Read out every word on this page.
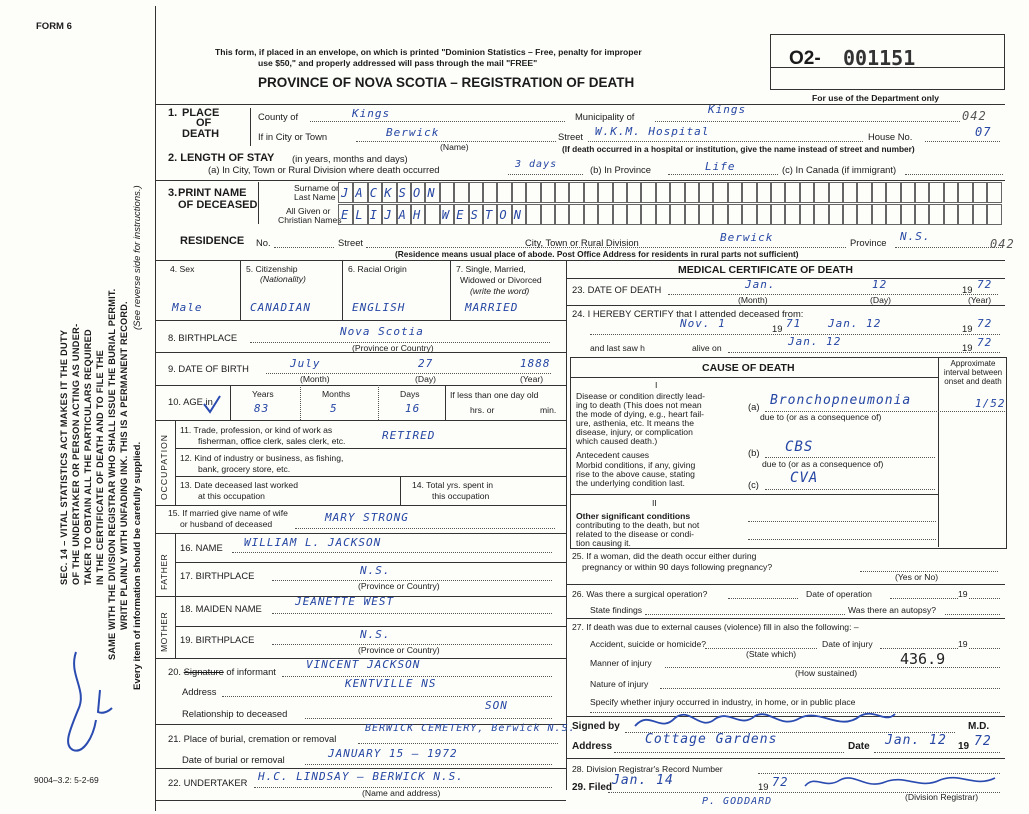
FORM 6
SEC. 14 – VITAL STATISTICS ACT MAKES IT THE DUTY OF THE UNDERTAKER OR PERSON ACTING AS UNDER- TAKER TO OBTAIN ALL THE PARTICULARS REQUIRED IN THE CERTIFICATE OF DEATH AND TO FILE THE SAME WITH THE DIVISION REGISTRAR WHO SHALL ISSUE THE BURIAL PERMIT. WRITE PLAINLY WITH UNFADING INK. THIS IS A PERMANENT RECORD.
(See reverse side for instructions.)
Every item of information should be carefully supplied.
9004–3.2: 5-2-69
This form, if placed in an envelope, on which is printed "Dominion Statistics – Free, penalty for improper
use $50," and properly addressed will pass through the mail "FREE"
PROVINCE OF NOVA SCOTIA – REGISTRATION OF DEATH
O2- 001151
For use of the Department only
1. PLACE
OF
DEATH
County of	Kings	Municipality of
Kings	042
If in City or Town	Berwick
(Name)
Street W.K.M. Hospital	House No.	07
(If death occurred in a hospital or institution, give the name instead of street and number)
2. LENGTH OF STAY (in years, months and days)
(a) In City, Town or Rural Division where death occurred	3 days	(b) In Province	Life	(c) In Canada (if immigrant)
3. PRINT NAME
OF DECEASED
Surname or
Last Name
All Given or
Christian Names
J A C K S O N
E L I J A H W E S T O N
RESIDENCE No.	Street	City, Town or Rural Division	Berwick	Province N.S.
042
(Residence means usual place of abode. Post Office Address for residents in rural parts not sufficient)
4. Sex
Male
5. Citizenship
(Nationality)
CANADIAN
6. Racial Origin
ENGLISH
7. Single, Married,
Widowed or Divorced
(write the word)
MARRIED
8. BIRTHPLACE	Nova Scotia
(Province or Country)
9. DATE OF BIRTH	July	27	1888
(Month)	(Day)	(Year)
10. AGE in
Years
83
Months
5
Days
16
If less than one day old
hrs. or	min.
OCCUPATION
11. Trade, profession, or kind of work as
fisherman, office clerk, sales clerk, etc.	RETIRED
12. Kind of industry or business, as fishing,
bank, grocery store, etc.
13. Date deceased last worked
at this occupation
14. Total yrs. spent in
this occupation
15. If married give name of wife
or husband of deceased	MARY STRONG
FATHER
16. NAME WILLIAM L. JACKSON
17. BIRTHPLACE	N.S.
(Province or Country)
MOTHER
18. MAIDEN NAME
JEANETTE WEST
19. BIRTHPLACE	N.S.
(Province or Country)
20. Signature of informant
VINCENT JACKSON
Address
KENTVILLE NS
Relationship to deceased
SON
21. Place of burial, cremation or removal
BERWICK CEMETERY, Berwick N.S.
Date of burial or removal	JANUARY 15 – 1972
22. UNDERTAKER H.C. LINDSAY – BERWICK N.S.
(Name and address)
MEDICAL CERTIFICATE OF DEATH
23. DATE OF DEATH	Jan.	12	19 72
(Month)	(Day)	(Year)
24. I HEREBY CERTIFY that I attended deceased from:
Nov. 1	19 71 Jan. 12	19 72
and last saw h	alive on	Jan. 12	19 72
CAUSE OF DEATH	Approximate interval between onset and death
I
Disease or condition directly lead-
ing to death (This does not mean
the mode of dying, e.g., heart fail-
ure, asthenia, etc. It means the
disease, injury, or complication
which caused death.)
(a) Bronchopneumonia	1/52
due to (or as a consequence of)
Antecedent causes
Morbid conditions, if any, giving
rise to the above cause, stating
the underlying condition last.
(b) CBS
due to (or as a consequence of)
(c) CVA
II
Other significant conditions
contributing to the death, but not
related to the disease or condi-
tion causing it.
25. If a woman, did the death occur either during
pregnancy or within 90 days following pregnancy?
(Yes or No)
26. Was there a surgical operation?	Date of operation	19
State findings	Was there an autopsy?
27. If death was due to external causes (violence) fill in also the following: –
Accident, suicide or homicide?	Date of injury	19
(State which)	436.9
Manner of injury
(How sustained)
Nature of injury
Specify whether injury occurred in industry, in home, or in public place
Signed by	M.D.
Address	Cottage Gardens	Date Jan. 12 19 72
28. Division Registrar's Record Number
29. Filed Jan. 14	19 72
(Division Registrar)
P. GODDARD
